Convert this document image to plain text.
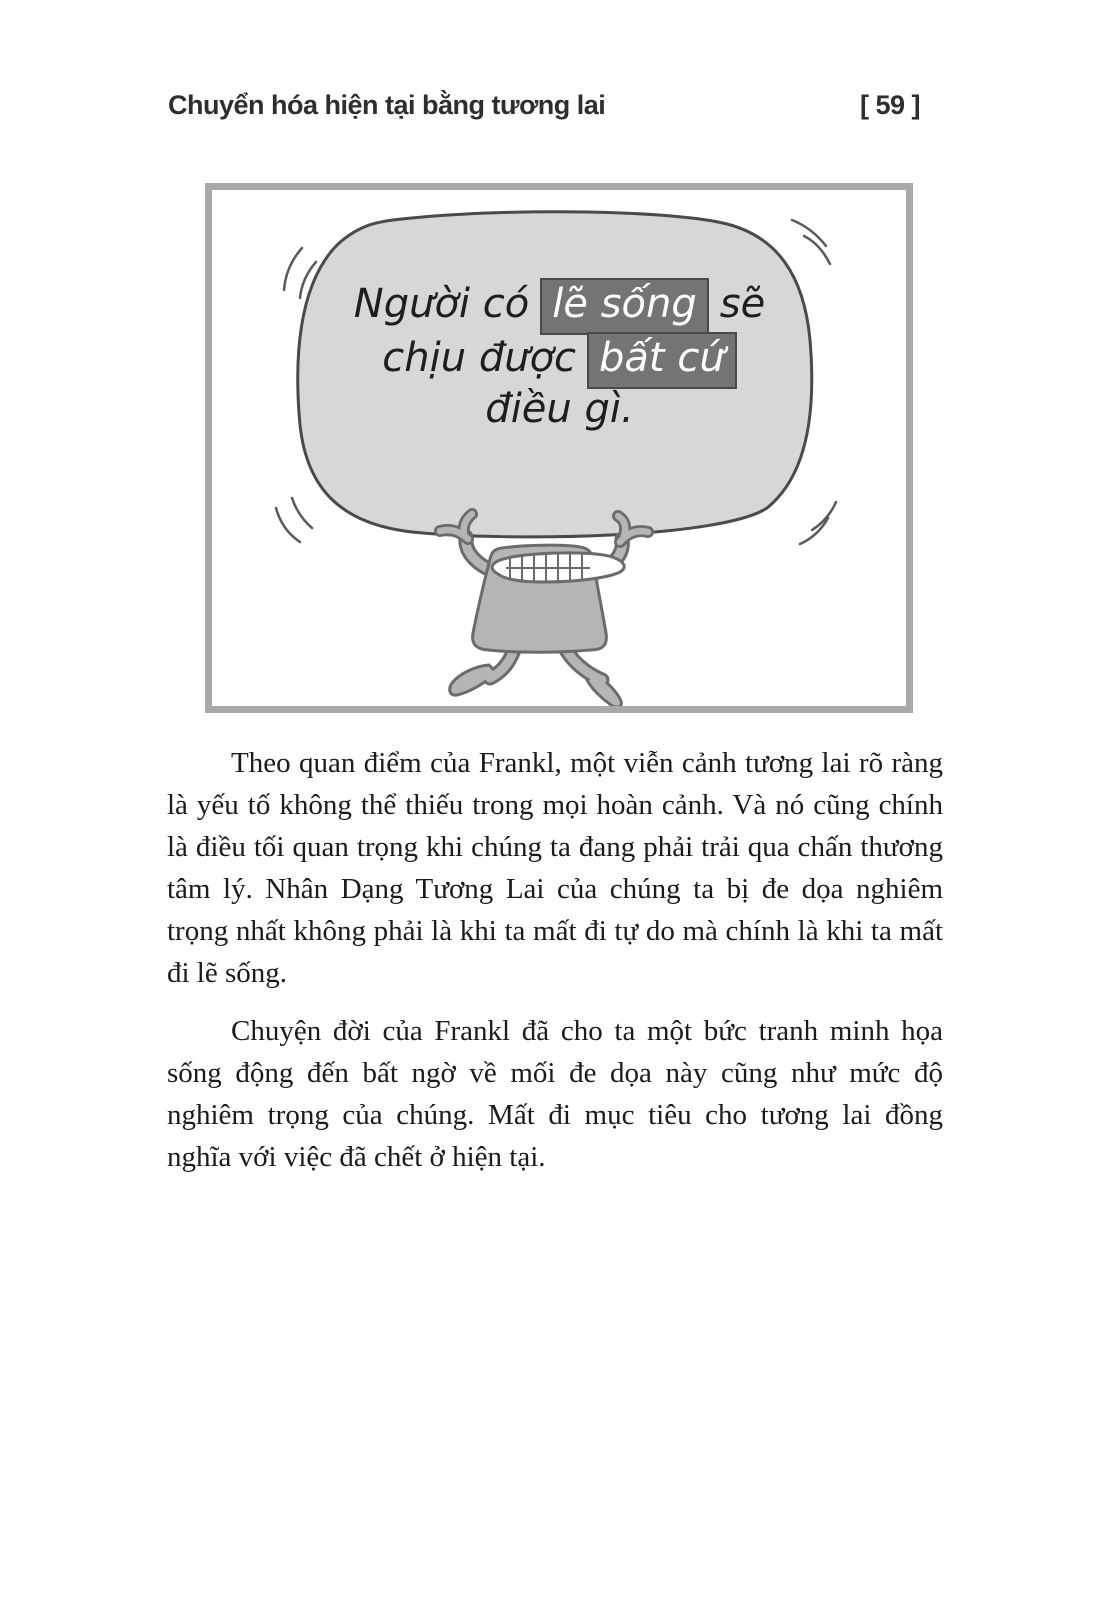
Chuyển hóa hiện tại bằng tương lai	[ 59 ]
Người có lẽ sống sẽ
chịu được bất cứ
điều gì.

Theo quan điểm của Frankl, một viễn cảnh tương lai rõ ràng là yếu tố không thể thiếu trong mọi hoàn cảnh. Và nó cũng chính là điều tối quan trọng khi chúng ta đang phải trải qua chấn thương tâm lý. Nhân Dạng Tương Lai của chúng ta bị đe dọa nghiêm trọng nhất không phải là khi ta mất đi tự do mà chính là khi ta mất đi lẽ sống.

Chuyện đời của Frankl đã cho ta một bức tranh minh họa sống động đến bất ngờ về mối đe dọa này cũng như mức độ nghiêm trọng của chúng. Mất đi mục tiêu cho tương lai đồng nghĩa với việc đã chết ở hiện tại.
